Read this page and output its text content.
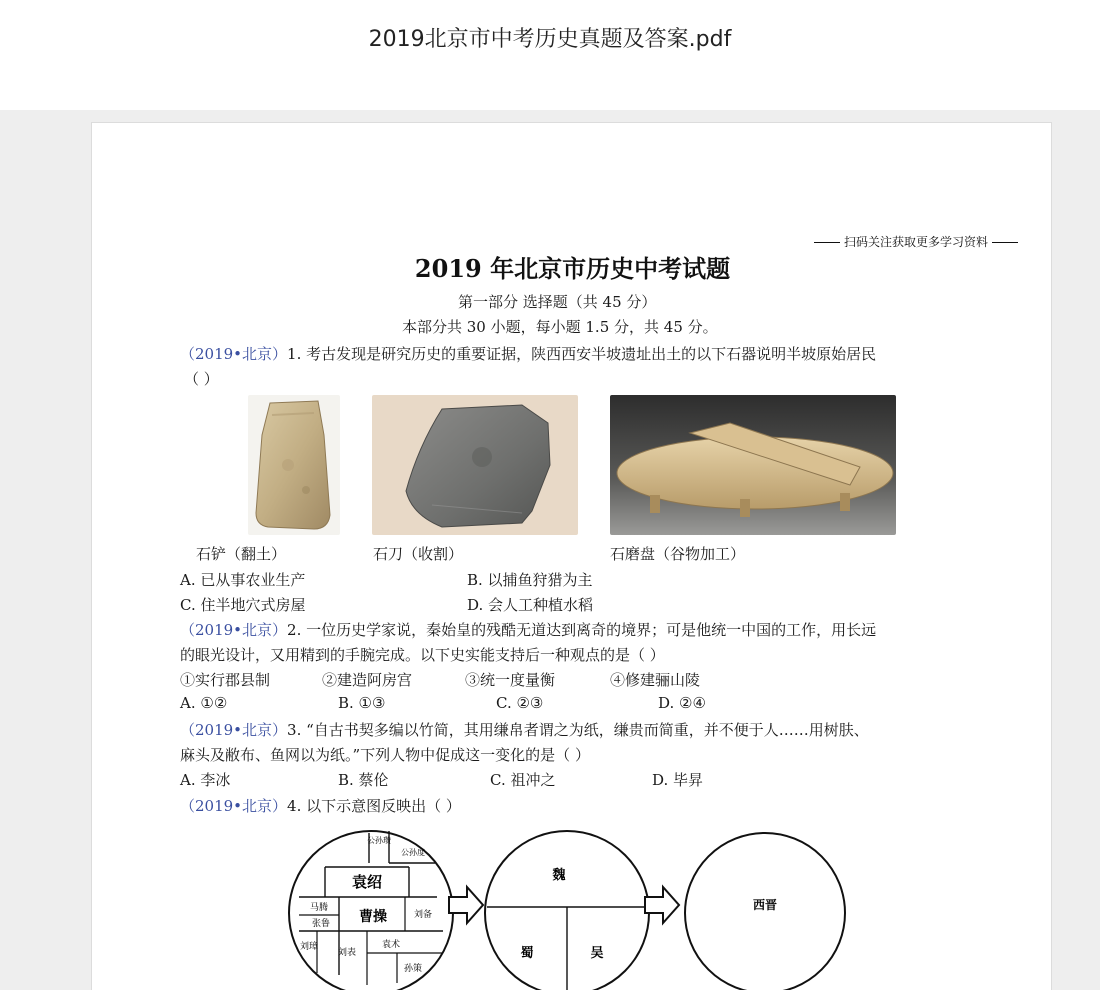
2019北京市中考历史真题及答案.pdf
扫码关注获取更多学习资料
2019 年北京市历史中考试题
第一部分 选择题（共 45 分）
本部分共 30 小题，每小题 1.5 分，共 45 分。
（2019•北京）1. 考古发现是研究历史的重要证据，陕西西安半坡遗址出土的以下石器说明半坡原始居民
（ ）
石铲（翻土）	石刀（收割）	石磨盘（谷物加工）
A. 已从事农业生产	B. 以捕鱼狩猎为主
C. 住半地穴式房屋	D. 会人工种植水稻
（2019•北京）2. 一位历史学家说，秦始皇的残酷无道达到离奇的境界；可是他统一中国的工作，用长远
的眼光设计，又用精到的手腕完成。以下史实能支持后一种观点的是（ ）
①实行郡县制	②建造阿房宫	③统一度量衡	④修建骊山陵
A. ①②	B. ①③	C. ②③	D. ②④
（2019•北京）3. “自古书契多编以竹简，其用缣帛者谓之为纸，缣贵而简重，并不便于人……用树肤、
麻头及敝布、鱼网以为纸。”下列人物中促成这一变化的是（ ）
A. 李冰	B. 蔡伦	C. 祖冲之	D. 毕昇
（2019•北京）4. 以下示意图反映出（ ）
公孙瓒
公孙度
袁绍
曹操
马腾
张鲁
刘备
刘璋
刘表
袁术
孙策
魏
蜀	吴
西晋
